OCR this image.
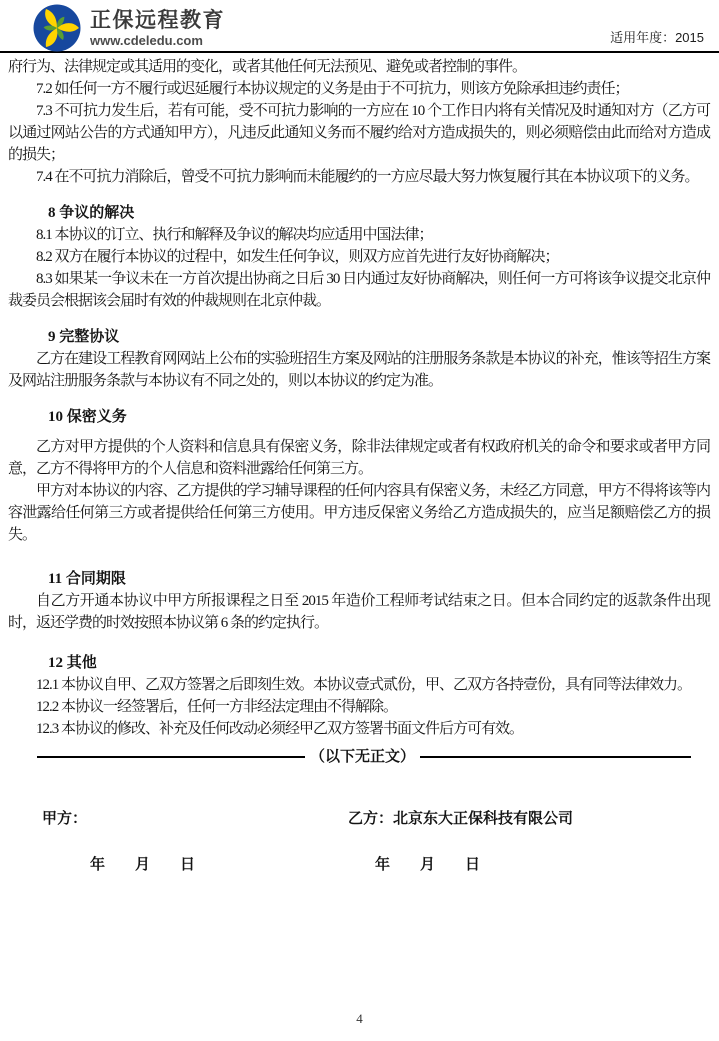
正保远程教育
www.cdeledu.com	适用年度：2015

府行为、法律规定或其适用的变化，或者其他任何无法预见、避免或者控制的事件。

7.2 如任何一方不履行或迟延履行本协议规定的义务是由于不可抗力，则该方免除承担违约责任；

7.3 不可抗力发生后，若有可能，受不可抗力影响的一方应在 10 个工作日内将有关情况及时通知对方（乙方可以通过网站公告的方式通知甲方），凡违反此通知义务而不履约给对方造成损失的，则必须赔偿由此而给对方造成的损失；

7.4 在不可抗力消除后，曾受不可抗力影响而未能履约的一方应尽最大努力恢复履行其在本协议项下的义务。

8 争议的解决

8.1 本协议的订立、执行和解释及争议的解决均应适用中国法律；

8.2 双方在履行本协议的过程中，如发生任何争议，则双方应首先进行友好协商解决；

8.3 如果某一争议未在一方首次提出协商之日后 30 日内通过友好协商解决，则任何一方可将该争议提交北京仲裁委员会根据该会届时有效的仲裁规则在北京仲裁。

9 完整协议

乙方在建设工程教育网网站上公布的实验班招生方案及网站的注册服务条款是本协议的补充，惟该等招生方案及网站注册服务条款与本协议有不同之处的，则以本协议的约定为准。

10 保密义务

乙方对甲方提供的个人资料和信息具有保密义务，除非法律规定或者有权政府机关的命令和要求或者甲方同意，乙方不得将甲方的个人信息和资料泄露给任何第三方。

甲方对本协议的内容、乙方提供的学习辅导课程的任何内容具有保密义务，未经乙方同意，甲方不得将该等内容泄露给任何第三方或者提供给任何第三方使用。甲方违反保密义务给乙方造成损失的，应当足额赔偿乙方的损失。

11 合同期限

自乙方开通本协议中甲方所报课程之日至 2015 年造价工程师考试结束之日。但本合同约定的返款条件出现时，返还学费的时效按照本协议第 6 条的约定执行。

12 其他

12.1 本协议自甲、乙双方签署之后即刻生效。本协议壹式贰份，甲、乙双方各持壹份，具有同等法律效力。

12.2 本协议一经签署后，任何一方非经法定理由不得解除。

12.3 本协议的修改、补充及任何改动必须经甲乙双方签署书面文件后方可有效。

（以下无正文）
甲方：	乙方：北京东大正保科技有限公司
年　　月　　日	年　　月　　日
4
